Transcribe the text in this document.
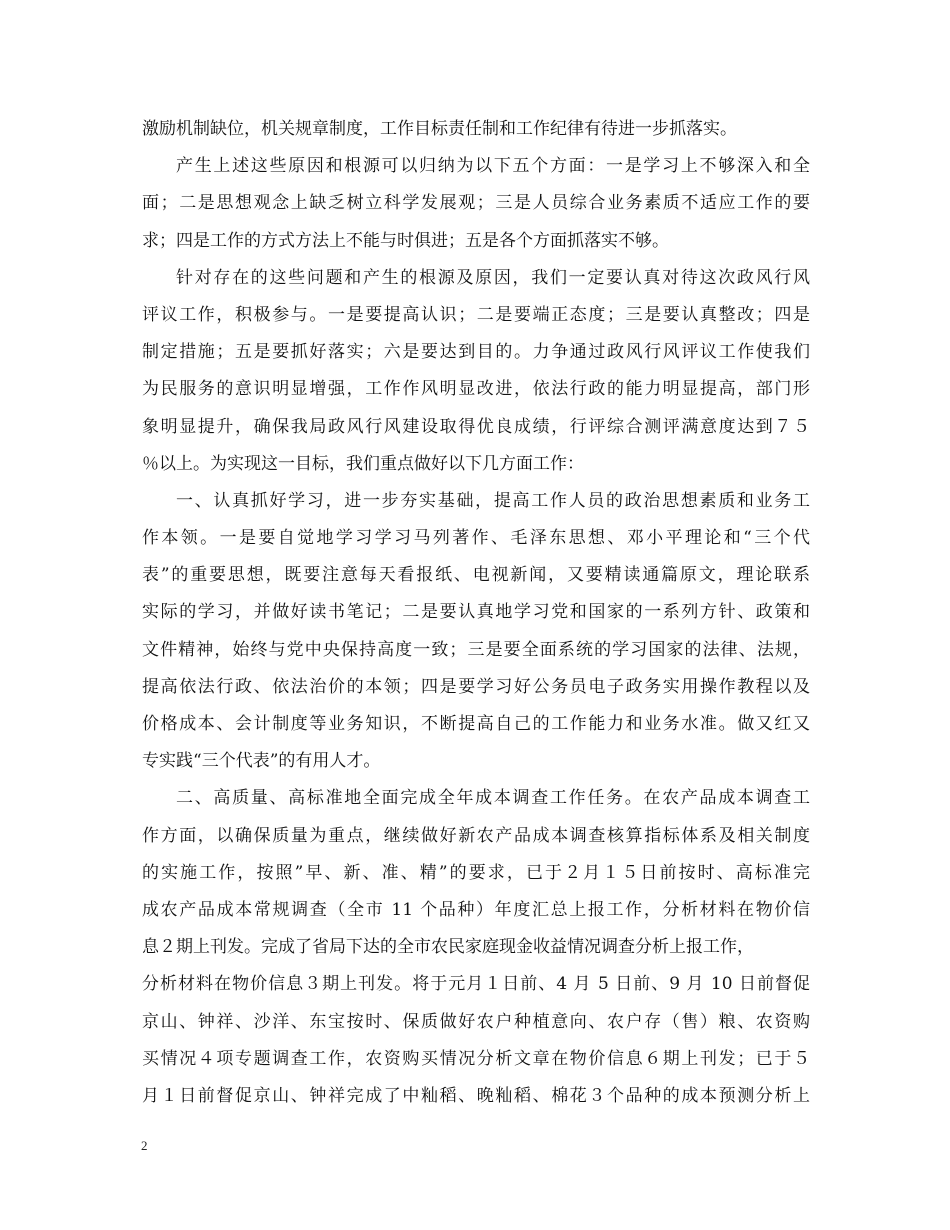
激励机制缺位，机关规章制度，工作目标责任制和工作纪律有待进一步抓落实。
产生上述这些原因和根源可以归纳为以下五个方面：一是学习上不够深入和全
面；二是思想观念上缺乏树立科学发展观；三是人员综合业务素质不适应工作的要
求；四是工作的方式方法上不能与时俱进；五是各个方面抓落实不够。
针对存在的这些问题和产生的根源及原因，我们一定要认真对待这次政风行风
评议工作，积极参与。一是要提高认识；二是要端正态度；三是要认真整改；四是
制定措施；五是要抓好落实；六是要达到目的。力争通过政风行风评议工作使我们
为民服务的意识明显增强，工作作风明显改进，依法行政的能力明显提高，部门形
象明显提升，确保我局政风行风建设取得优良成绩，行评综合测评满意度达到７５
％以上。为实现这一目标，我们重点做好以下几方面工作：
一、认真抓好学习，进一步夯实基础，提高工作人员的政治思想素质和业务工
作本领。一是要自觉地学习学习马列著作、毛泽东思想、邓小平理论和“三个代
表”的重要思想，既要注意每天看报纸、电视新闻，又要精读通篇原文，理论联系
实际的学习，并做好读书笔记；二是要认真地学习党和国家的一系列方针、政策和
文件精神，始终与党中央保持高度一致；三是要全面系统的学习国家的法律、法规，
提高依法行政、依法治价的本领；四是要学习好公务员电子政务实用操作教程以及
价格成本、会计制度等业务知识，不断提高自己的工作能力和业务水准。做又红又
专实践“三个代表”的有用人才。
二、高质量、高标准地全面完成全年成本调查工作任务。在农产品成本调查工
作方面，以确保质量为重点，继续做好新农产品成本调查核算指标体系及相关制度
的实施工作，按照”早、新、准、精”的要求，已于２月１５日前按时、高标准完
成农产品成本常规调查（全市 11 个品种）年度汇总上报工作，分析材料在物价信
息２期上刊发。完成了省局下达的全市农民家庭现金收益情况调查分析上报工作，
分析材料在物价信息３期上刊发。将于元月１日前、4 月 5 日前、9 月 10 日前督促
京山、钟祥、沙洋、东宝按时、保质做好农户种植意向、农户存（售）粮、农资购
买情况４项专题调查工作，农资购买情况分析文章在物价信息６期上刊发；已于５
月１日前督促京山、钟祥完成了中籼稻、晚籼稻、棉花３个品种的成本预测分析上
2
